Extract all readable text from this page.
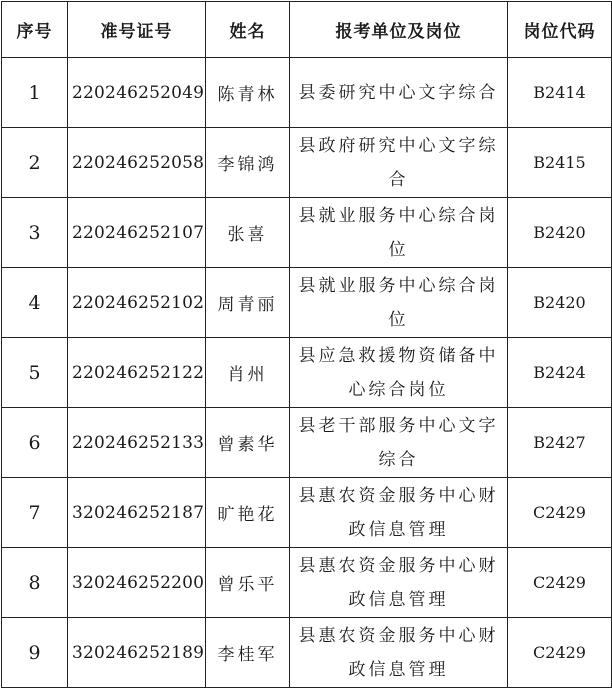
序号	准号证号	姓名	报考单位及岗位	岗位代码
1	220246252049	陈青林	县委研究中心文字综合	B2414
2	220246252058	李锦鸿	县政府研究中心文字综合	B2415
3	220246252107	张喜	县就业服务中心综合岗位	B2420
4	220246252102	周青丽	县就业服务中心综合岗位	B2420
5	220246252122	肖州	县应急救援物资储备中心综合岗位	B2424
6	220246252133	曾素华	县老干部服务中心文字综合	B2427
7	320246252187	旷艳花	县惠农资金服务中心财政信息管理	C2429
8	320246252200	曾乐平	县惠农资金服务中心财政信息管理	C2429
9	320246252189	李桂军	县惠农资金服务中心财政信息管理	C2429
